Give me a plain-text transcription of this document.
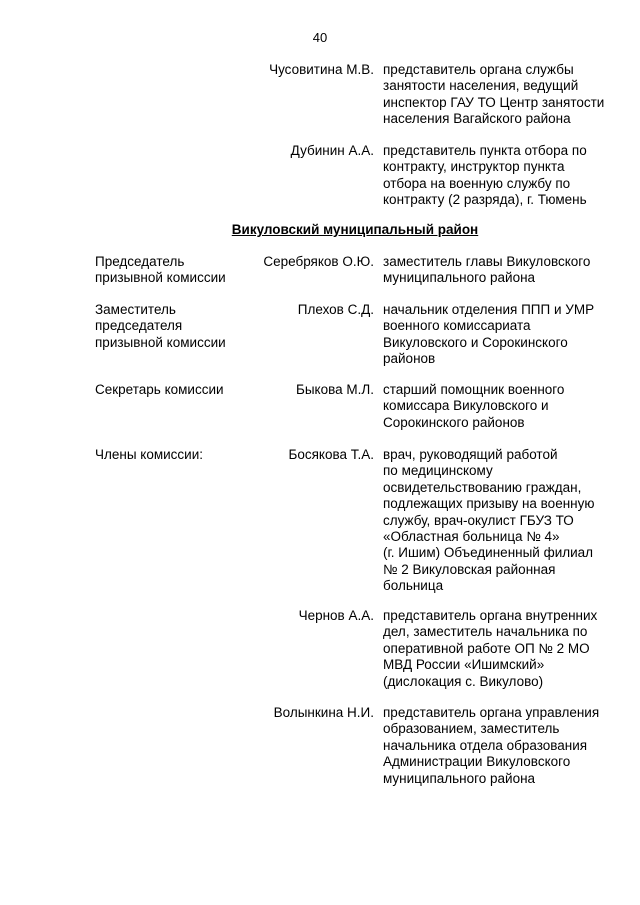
40
Чусовитина М.В. представитель органа службы
занятости населения, ведущий
инспектор ГАУ ТО Центр занятости
населения Вагайского района
Дубинин А.А. представитель пункта отбора по
контракту, инструктор пункта
отбора на военную службу по
контракту (2 разряда), г. Тюмень
Викуловский муниципальный район
Председатель
призывной комиссии
Серебряков О.Ю. заместитель главы Викуловского
муниципального района
Заместитель
председателя
призывной комиссии
Плехов С.Д. начальник отделения ППП и УМР
военного комиссариата
Викуловского и Сорокинского
районов
Секретарь комиссии	Быкова М.Л. старший помощник военного
комиссара Викуловского и
Сорокинского районов
Члены комиссии:	Босякова Т.А. врач, руководящий работой
по медицинскому
освидетельствованию граждан,
подлежащих призыву на военную
службу, врач-окулист ГБУЗ ТО
«Областная больница № 4»
(г. Ишим) Объединенный филиал
№ 2 Викуловская районная
больница
Чернов А.А. представитель органа внутренних
дел, заместитель начальника по
оперативной работе ОП № 2 МО
МВД России «Ишимский»
(дислокация с. Викулово)
Волынкина Н.И. представитель органа управления
образованием, заместитель
начальника отдела образования
Администрации Викуловского
муниципального района
